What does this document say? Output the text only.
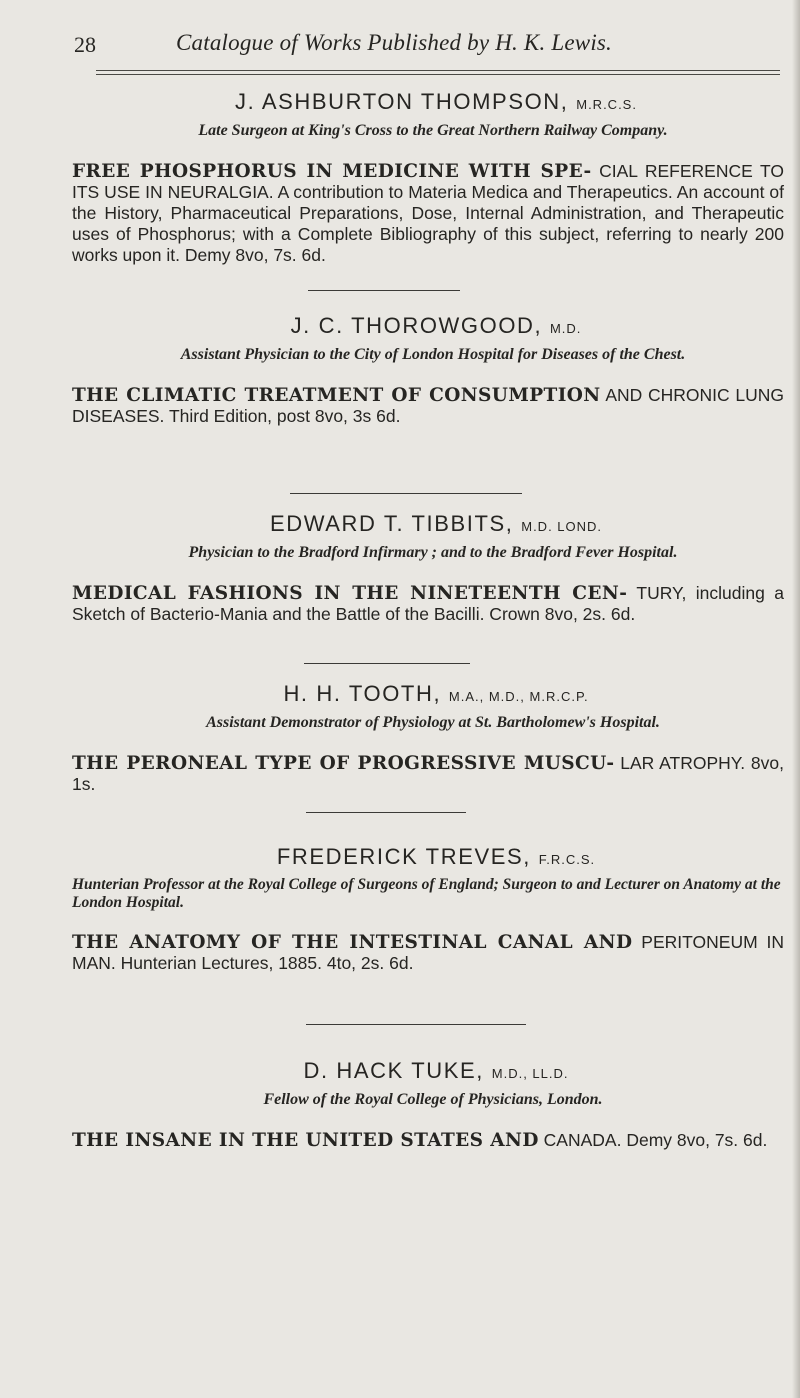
28	Catalogue of Works Published by H. K. Lewis.

J. ASHBURTON THOMPSON, M.R.C.S.

Late Surgeon at King's Cross to the Great Northern Railway Company.

FREE PHOSPHORUS IN MEDICINE WITH SPE- CIAL REFERENCE TO ITS USE IN NEURALGIA. A contribution to Materia Medica and Therapeutics. An account of the History, Pharmaceutical Preparations, Dose, Internal Administration, and Therapeutic uses of Phosphorus; with a Complete Bibliography of this subject, referring to nearly 200 works upon it. Demy 8vo, 7s. 6d.

J. C. THOROWGOOD, M.D.

Assistant Physician to the City of London Hospital for Diseases of the Chest.

THE CLIMATIC TREATMENT OF CONSUMPTION AND CHRONIC LUNG DISEASES. Third Edition, post 8vo, 3s 6d.

EDWARD T. TIBBITS, M.D. LOND.

Physician to the Bradford Infirmary ; and to the Bradford Fever Hospital.

MEDICAL FASHIONS IN THE NINETEENTH CEN- TURY, including a Sketch of Bacterio-Mania and the Battle of the Bacilli. Crown 8vo, 2s. 6d.

H. H. TOOTH, M.A., M.D., M.R.C.P.

Assistant Demonstrator of Physiology at St. Bartholomew's Hospital.

THE PERONEAL TYPE OF PROGRESSIVE MUSCU- LAR ATROPHY. 8vo, 1s.

FREDERICK TREVES, F.R.C.S.

Hunterian Professor at the Royal College of Surgeons of England; Surgeon to and Lecturer on Anatomy at the London Hospital.

THE ANATOMY OF THE INTESTINAL CANAL AND PERITONEUM IN MAN. Hunterian Lectures, 1885. 4to, 2s. 6d.

D. HACK TUKE, M.D., LL.D.

Fellow of the Royal College of Physicians, London.

THE INSANE IN THE UNITED STATES AND CANADA. Demy 8vo, 7s. 6d.
